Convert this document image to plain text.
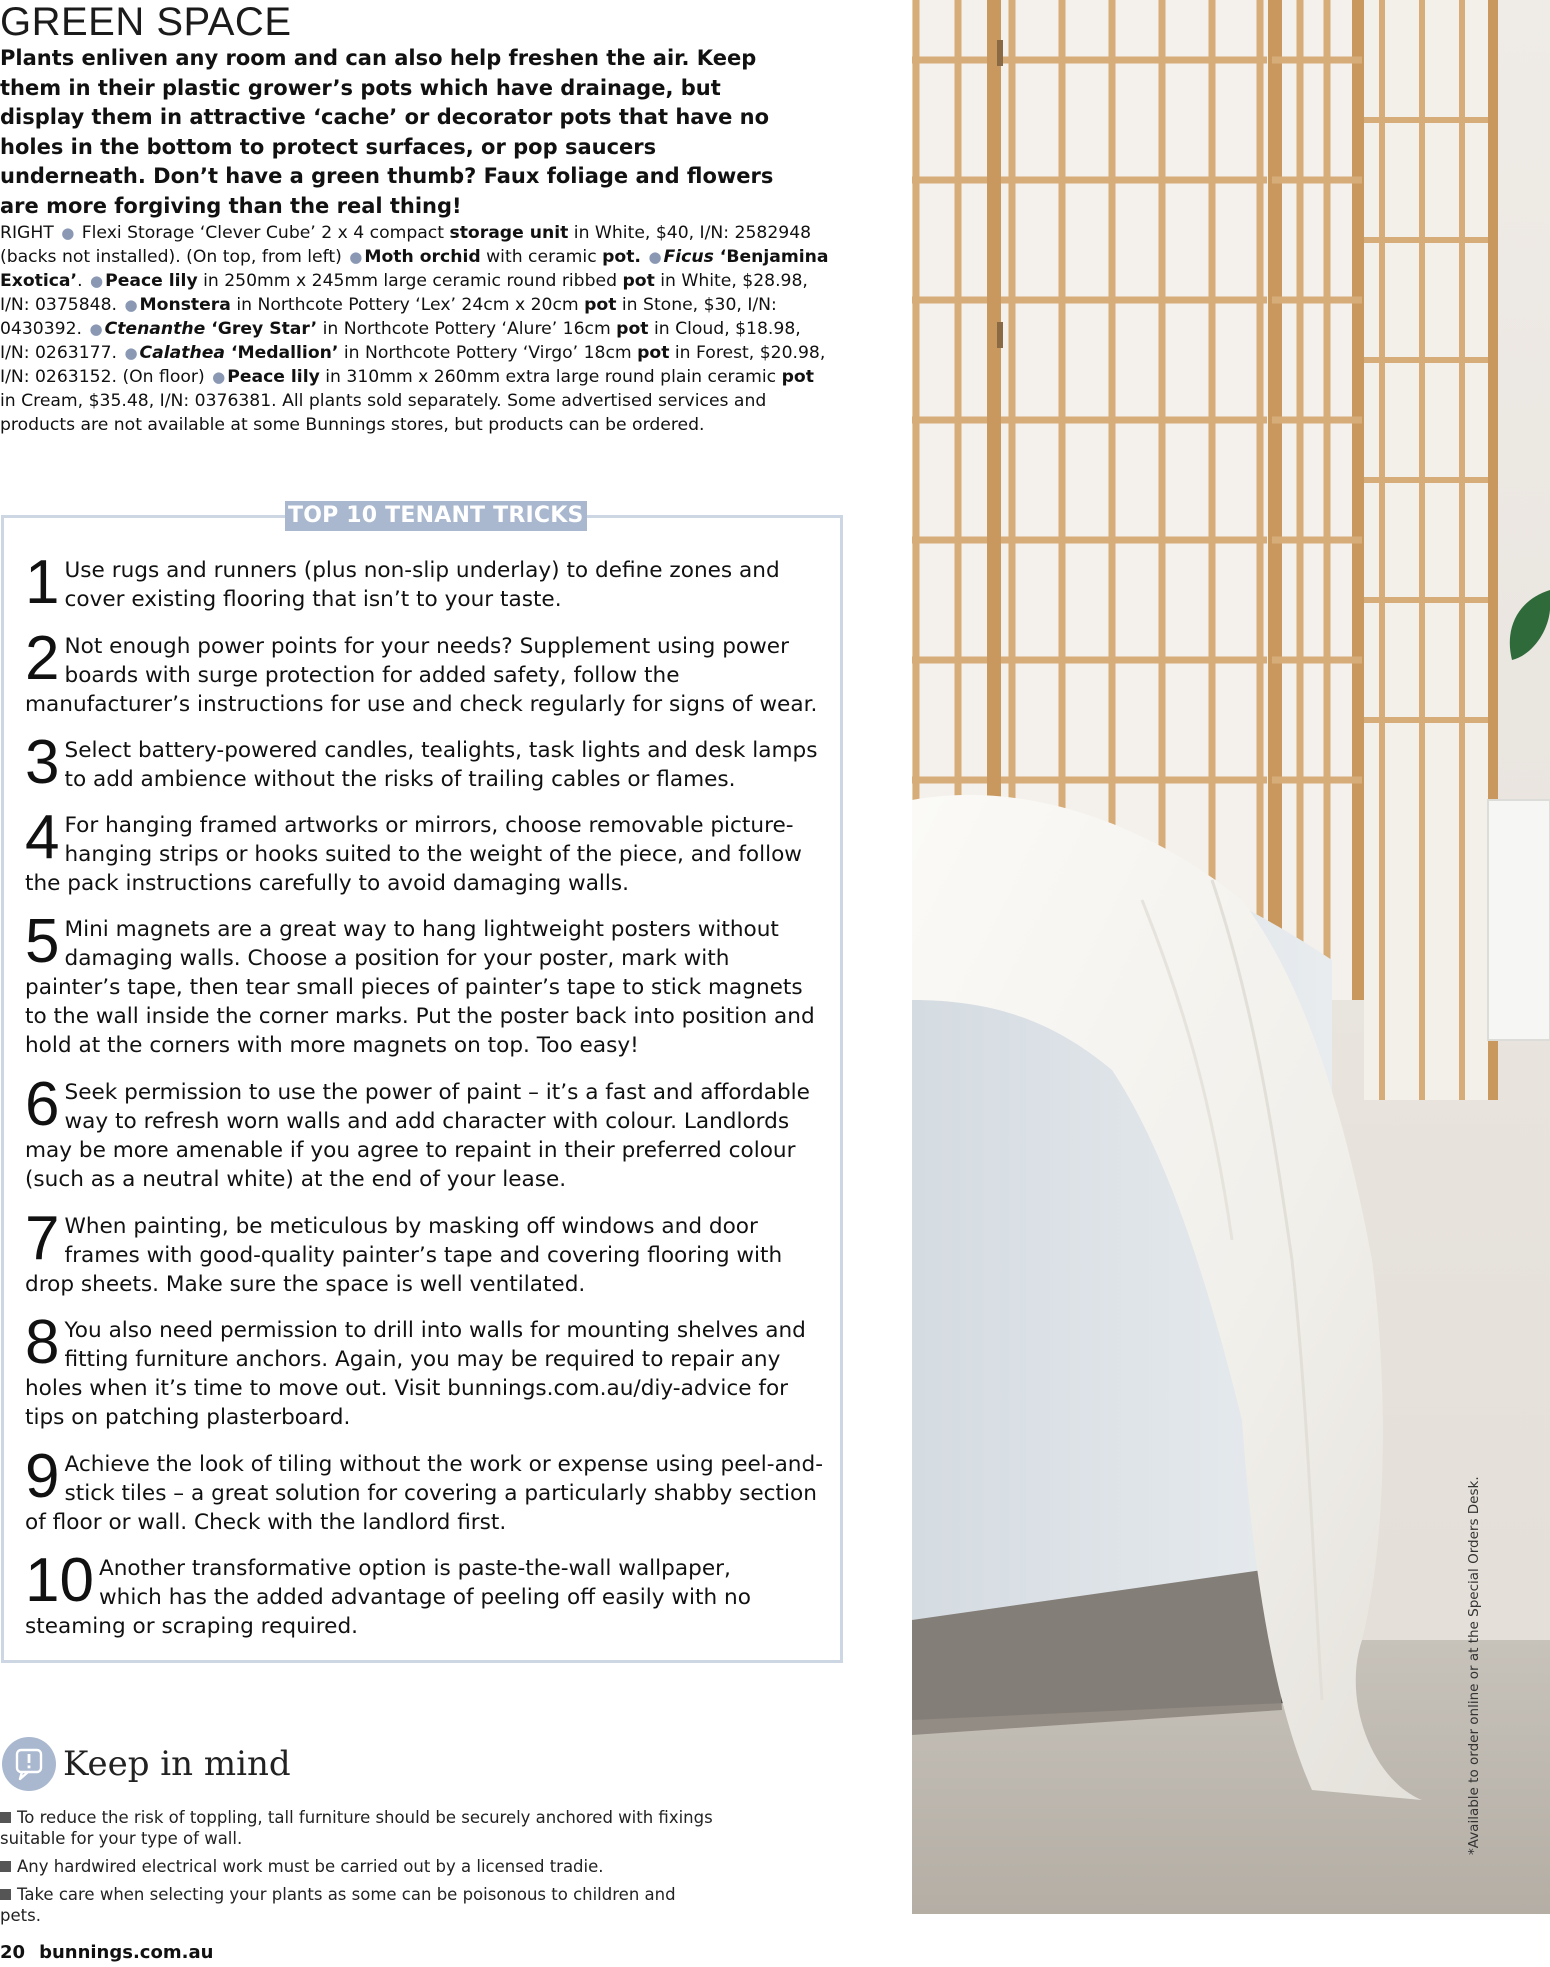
GREEN SPACE

Plants enliven any room and can also help freshen the air. Keep them in their plastic grower’s pots which have drainage, but display them in attractive ‘cache’ or decorator pots that have no holes in the bottom to protect surfaces, or pop saucers underneath. Don’t have a green thumb? Faux foliage and flowers are more forgiving than the real thing!

RIGHT ● Flexi Storage ‘Clever Cube’ 2 x 4 compact storage unit in White, $40, I/N: 2582948 (backs not installed). (On top, from left) ● Moth orchid with ceramic pot. ● Ficus ‘Benjamina Exotica’. ● Peace lily in 250mm x 245mm large ceramic round ribbed pot in White, $28.98, I/N: 0375848. ● Monstera in Northcote Pottery ‘Lex’ 24cm x 20cm pot in Stone, $30, I/N: 0430392. ● Ctenanthe ‘Grey Star’ in Northcote Pottery ‘Alure’ 16cm pot in Cloud, $18.98, I/N: 0263177. ● Calathea ‘Medallion’ in Northcote Pottery ‘Virgo’ 18cm pot in Forest, $20.98, I/N: 0263152. (On floor) ● Peace lily in 310mm x 260mm extra large round plain ceramic pot in Cream, $35.48, I/N: 0376381. All plants sold separately. Some advertised services and products are not available at some Bunnings stores, but products can be ordered.

TOP 10 TENANT TRICKS
1 Use rugs and runners (plus non-slip underlay) to define zones and cover existing flooring that isn’t to your taste.
2 Not enough power points for your needs? Supplement using power boards with surge protection for added safety, follow the manufacturer’s instructions for use and check regularly for signs of wear.
3 Select battery-powered candles, tealights, task lights and desk lamps to add ambience without the risks of trailing cables or flames.
4 For hanging framed artworks or mirrors, choose removable picture-hanging strips or hooks suited to the weight of the piece, and follow the pack instructions carefully to avoid damaging walls.
5 Mini magnets are a great way to hang lightweight posters without damaging walls. Choose a position for your poster, mark with painter’s tape, then tear small pieces of painter’s tape to stick magnets to the wall inside the corner marks. Put the poster back into position and hold at the corners with more magnets on top. Too easy!
6 Seek permission to use the power of paint – it’s a fast and affordable way to refresh worn walls and add character with colour. Landlords may be more amenable if you agree to repaint in their preferred colour (such as a neutral white) at the end of your lease.
7 When painting, be meticulous by masking off windows and door frames with good-quality painter’s tape and covering flooring with drop sheets. Make sure the space is well ventilated.
8 You also need permission to drill into walls for mounting shelves and fitting furniture anchors. Again, you may be required to repair any holes when it’s time to move out. Visit bunnings.com.au/diy-advice for tips on patching plasterboard.
9 Achieve the look of tiling without the work or expense using peel-and-stick tiles – a great solution for covering a particularly shabby section of floor or wall. Check with the landlord first.
10 Another transformative option is paste-the-wall wallpaper, which has the added advantage of peeling off easily with no steaming or scraping required.
Keep in mind
To reduce the risk of toppling, tall furniture should be securely anchored with fixings suitable for your type of wall.
Any hardwired electrical work must be carried out by a licensed tradie.
Take care when selecting your plants as some can be poisonous to children and pets.
20 bunnings.com.au
*Available to order online or at the Special Orders Desk.
